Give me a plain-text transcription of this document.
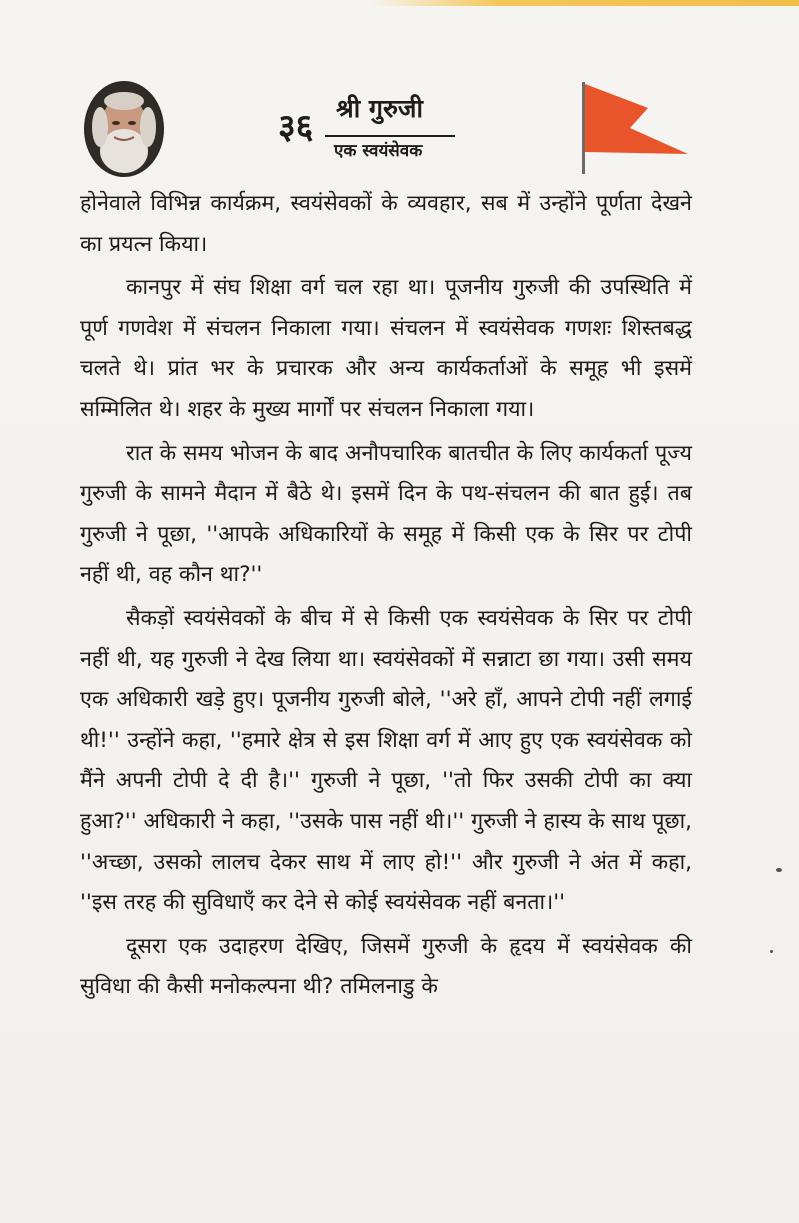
३६ श्री गुरुजी
एक स्वयंसेवक

होनेवाले विभिन्न कार्यक्रम, स्वयंसेवकों के व्यवहार, सब में उन्होंने पूर्णता देखने का प्रयत्न किया।

कानपुर में संघ शिक्षा वर्ग चल रहा था। पूजनीय गुरुजी की उपस्थिति में पूर्ण गणवेश में संचलन निकाला गया। संचलन में स्वयंसेवक गणशः शिस्तबद्ध चलते थे। प्रांत भर के प्रचारक और अन्य कार्यकर्ताओं के समूह भी इसमें सम्मिलित थे। शहर के मुख्य मार्गों पर संचलन निकाला गया।

रात के समय भोजन के बाद अनौपचारिक बातचीत के लिए कार्यकर्ता पूज्य गुरुजी के सामने मैदान में बैठे थे। इसमें दिन के पथ-संचलन की बात हुई। तब गुरुजी ने पूछा, ''आपके अधिकारियों के समूह में किसी एक के सिर पर टोपी नहीं थी, वह कौन था?''

सैकड़ों स्वयंसेवकों के बीच में से किसी एक स्वयंसेवक के सिर पर टोपी नहीं थी, यह गुरुजी ने देख लिया था। स्वयंसेवकों में सन्नाटा छा गया। उसी समय एक अधिकारी खड़े हुए। पूजनीय गुरुजी बोले, ''अरे हाँ, आपने टोपी नहीं लगाई थी!'' उन्होंने कहा, ''हमारे क्षेत्र से इस शिक्षा वर्ग में आए हुए एक स्वयंसेवक को मैंने अपनी टोपी दे दी है।'' गुरुजी ने पूछा, ''तो फिर उसकी टोपी का क्या हुआ?'' अधिकारी ने कहा, ''उसके पास नहीं थी।'' गुरुजी ने हास्य के साथ पूछा, ''अच्छा, उसको लालच देकर साथ में लाए हो!'' और गुरुजी ने अंत में कहा, ''इस तरह की सुविधाएँ कर देने से कोई स्वयंसेवक नहीं बनता।''

दूसरा एक उदाहरण देखिए, जिसमें गुरुजी के हृदय में स्वयंसेवक की सुविधा की कैसी मनोकल्पना थी? तमिलनाडु के
